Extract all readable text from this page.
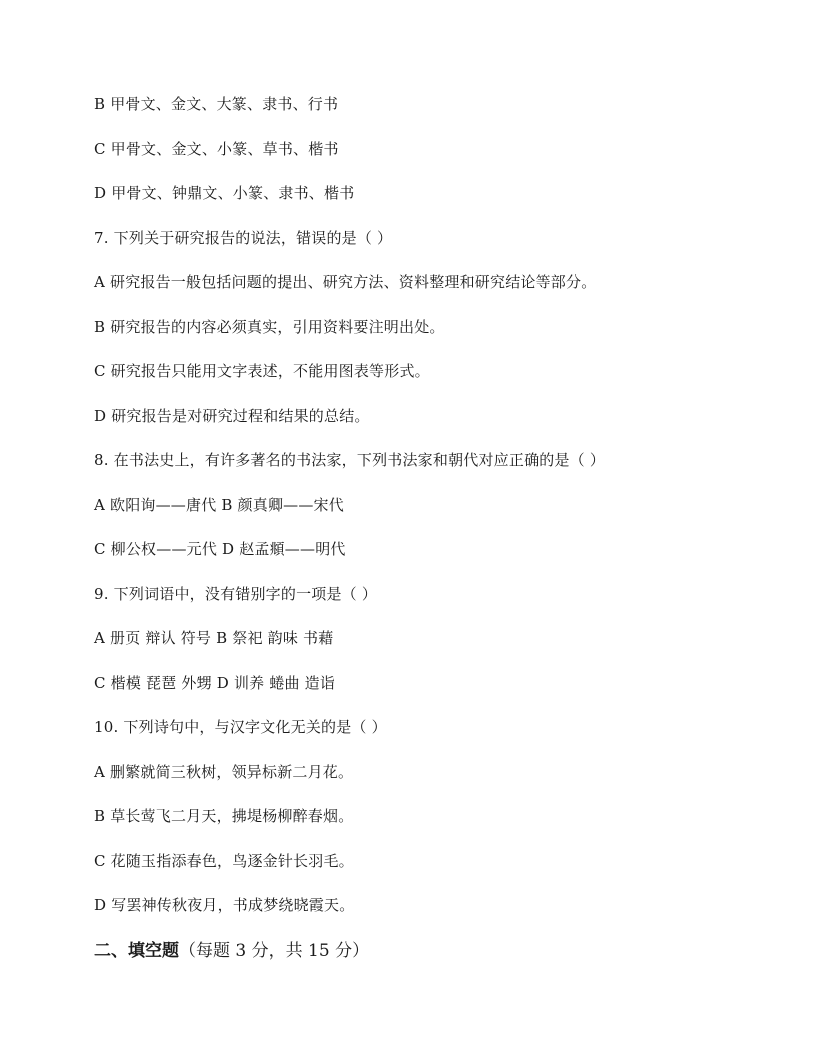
B 甲骨文、金文、大篆、隶书、行书
C 甲骨文、金文、小篆、草书、楷书
D 甲骨文、钟鼎文、小篆、隶书、楷书
7. 下列关于研究报告的说法，错误的是（ ）
A 研究报告一般包括问题的提出、研究方法、资料整理和研究结论等部分。
B 研究报告的内容必须真实，引用资料要注明出处。
C 研究报告只能用文字表述，不能用图表等形式。
D 研究报告是对研究过程和结果的总结。
8. 在书法史上，有许多著名的书法家，下列书法家和朝代对应正确的是（ ）
A 欧阳询——唐代 B 颜真卿——宋代
C 柳公权——元代 D 赵孟頫——明代
9. 下列词语中，没有错别字的一项是（ ）
A 册页 辩认 符号 B 祭祀 韵味 书藉
C 楷模 琵琶 外甥 D 训养 蜷曲 造诣
10. 下列诗句中，与汉字文化无关的是（ ）
A 删繁就简三秋树，领异标新二月花。
B 草长莺飞二月天，拂堤杨柳醉春烟。
C 花随玉指添春色，鸟逐金针长羽毛。
D 写罢神传秋夜月，书成梦绕晓霞天。
二、填空题（每题 3 分，共 15 分）
